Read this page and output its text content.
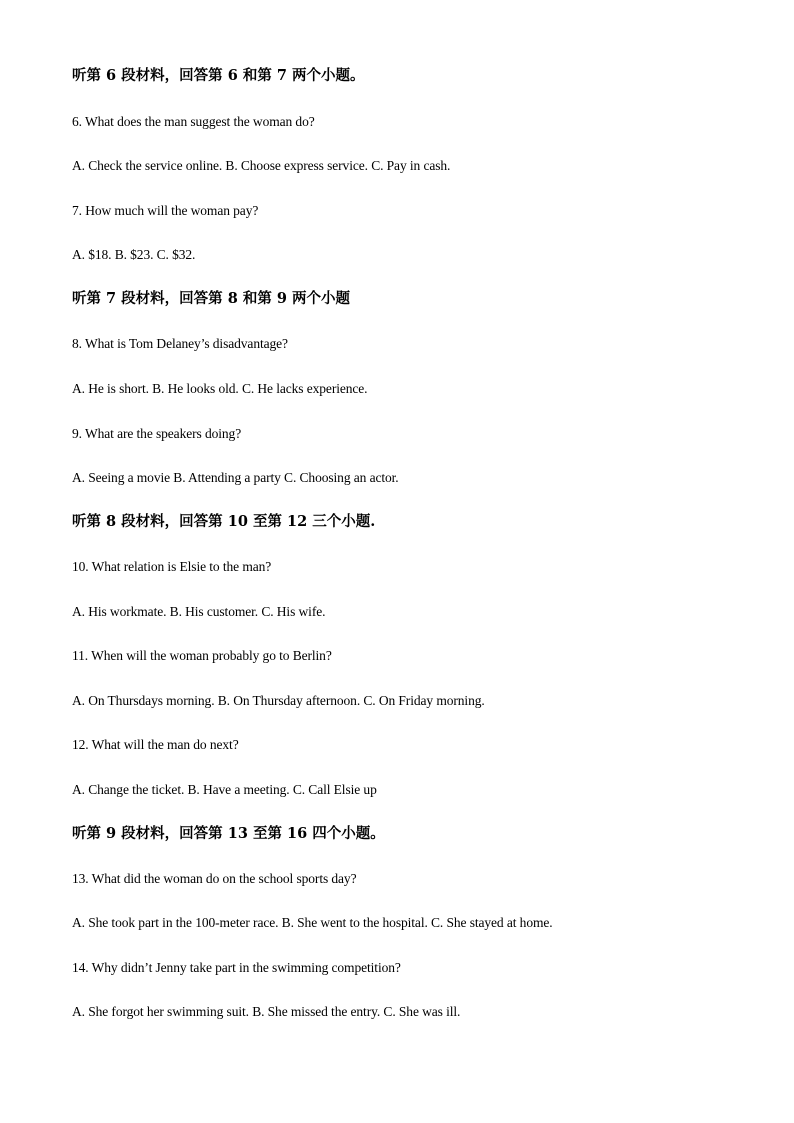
听第 6 段材料，回答第 6 和第 7 两个小题。
6. What does the man suggest the woman do?
A. Check the service online. B. Choose express service. C. Pay in cash.
7. How much will the woman pay?
A. $18. B. $23. C. $32.
听第 7 段材料，回答第 8 和第 9 两个小题
8. What is Tom Delaney’s disadvantage?
A. He is short. B. He looks old. C. He lacks experience.
9. What are the speakers doing?
A. Seeing a movie B. Attending a party C. Choosing an actor.
听第 8 段材料，回答第 10 至第 12 三个小题.
10. What relation is Elsie to the man?
A. His workmate. B. His customer. C. His wife.
11. When will the woman probably go to Berlin?
A. On Thursdays morning. B. On Thursday afternoon. C. On Friday morning.
12. What will the man do next?
A. Change the ticket. B. Have a meeting. C. Call Elsie up
听第 9 段材料，回答第 13 至第 16 四个小题。
13. What did the woman do on the school sports day?
A. She took part in the 100-meter race. B. She went to the hospital. C. She stayed at home.
14. Why didn’t Jenny take part in the swimming competition?
A. She forgot her swimming suit. B. She missed the entry. C. She was ill.
